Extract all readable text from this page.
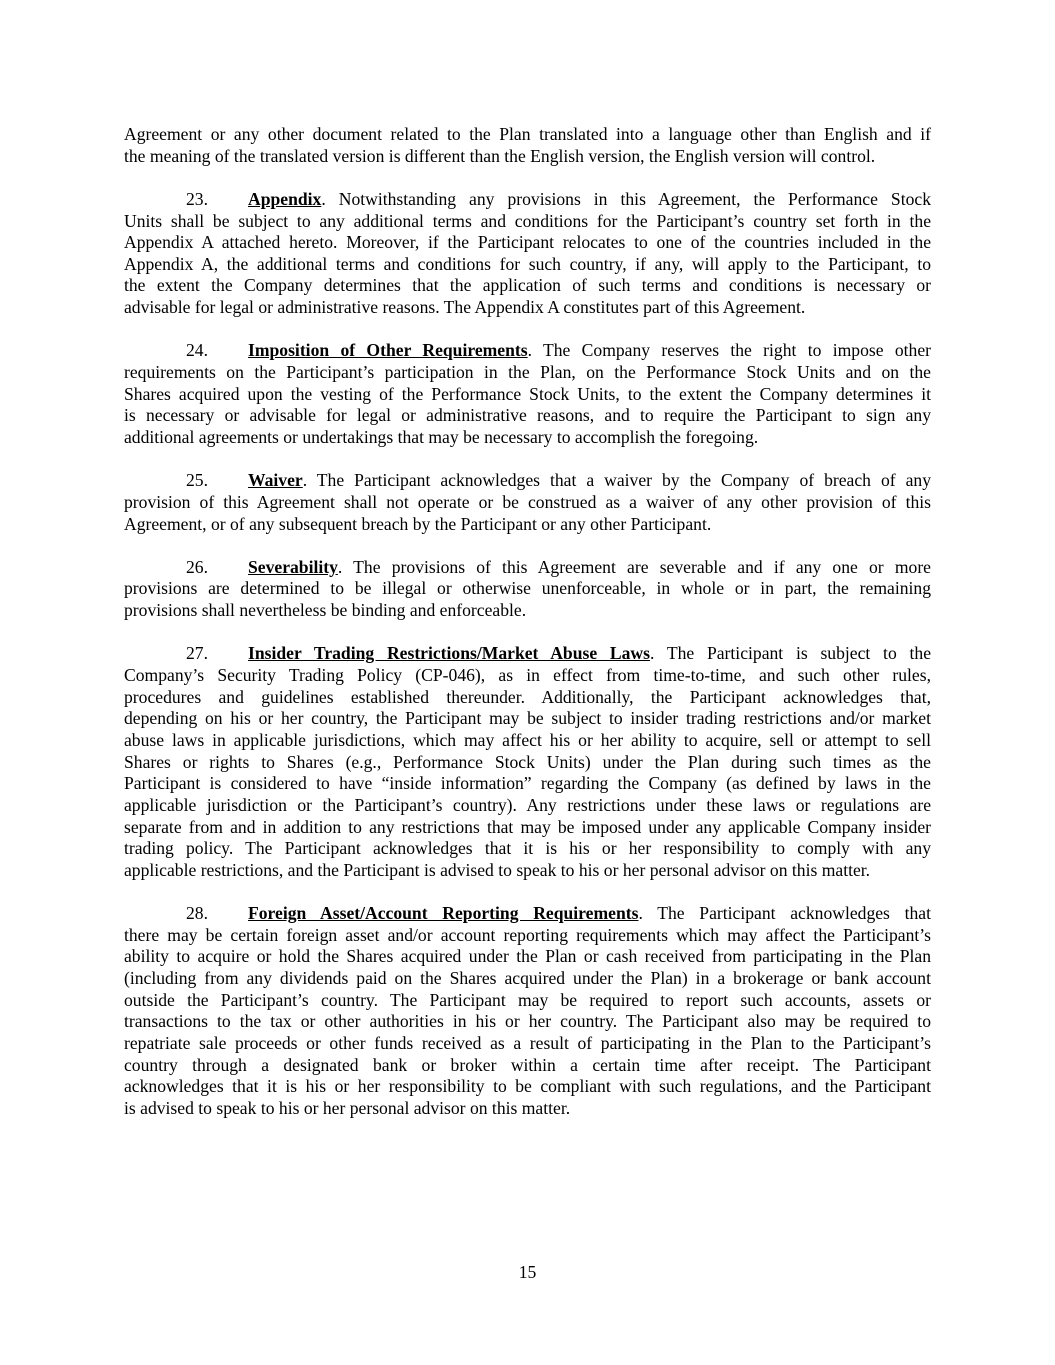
Agreement or any other document related to the Plan translated into a language other than English and if
the meaning of the translated version is different than the English version, the English version will control.
23. Appendix. Notwithstanding any provisions in this Agreement, the Performance Stock
Units shall be subject to any additional terms and conditions for the Participant’s country set forth in the
Appendix A attached hereto. Moreover, if the Participant relocates to one of the countries included in the
Appendix A, the additional terms and conditions for such country, if any, will apply to the Participant, to
the extent the Company determines that the application of such terms and conditions is necessary or
advisable for legal or administrative reasons. The Appendix A constitutes part of this Agreement.
24. Imposition of Other Requirements. The Company reserves the right to impose other
requirements on the Participant’s participation in the Plan, on the Performance Stock Units and on the
Shares acquired upon the vesting of the Performance Stock Units, to the extent the Company determines it
is necessary or advisable for legal or administrative reasons, and to require the Participant to sign any
additional agreements or undertakings that may be necessary to accomplish the foregoing.
25. Waiver. The Participant acknowledges that a waiver by the Company of breach of any
provision of this Agreement shall not operate or be construed as a waiver of any other provision of this
Agreement, or of any subsequent breach by the Participant or any other Participant.
26. Severability. The provisions of this Agreement are severable and if any one or more
provisions are determined to be illegal or otherwise unenforceable, in whole or in part, the remaining
provisions shall nevertheless be binding and enforceable.
27. Insider Trading Restrictions/Market Abuse Laws. The Participant is subject to the
Company’s Security Trading Policy (CP-046), as in effect from time-to-time, and such other rules,
procedures and guidelines established thereunder. Additionally, the Participant acknowledges that,
depending on his or her country, the Participant may be subject to insider trading restrictions and/or market
abuse laws in applicable jurisdictions, which may affect his or her ability to acquire, sell or attempt to sell
Shares or rights to Shares (e.g., Performance Stock Units) under the Plan during such times as the
Participant is considered to have “inside information” regarding the Company (as defined by laws in the
applicable jurisdiction or the Participant’s country). Any restrictions under these laws or regulations are
separate from and in addition to any restrictions that may be imposed under any applicable Company insider
trading policy. The Participant acknowledges that it is his or her responsibility to comply with any
applicable restrictions, and the Participant is advised to speak to his or her personal advisor on this matter.
28. Foreign Asset/Account Reporting Requirements. The Participant acknowledges that
there may be certain foreign asset and/or account reporting requirements which may affect the Participant’s
ability to acquire or hold the Shares acquired under the Plan or cash received from participating in the Plan
(including from any dividends paid on the Shares acquired under the Plan) in a brokerage or bank account
outside the Participant’s country. The Participant may be required to report such accounts, assets or
transactions to the tax or other authorities in his or her country. The Participant also may be required to
repatriate sale proceeds or other funds received as a result of participating in the Plan to the Participant’s
country through a designated bank or broker within a certain time after receipt. The Participant
acknowledges that it is his or her responsibility to be compliant with such regulations, and the Participant
is advised to speak to his or her personal advisor on this matter.
15
